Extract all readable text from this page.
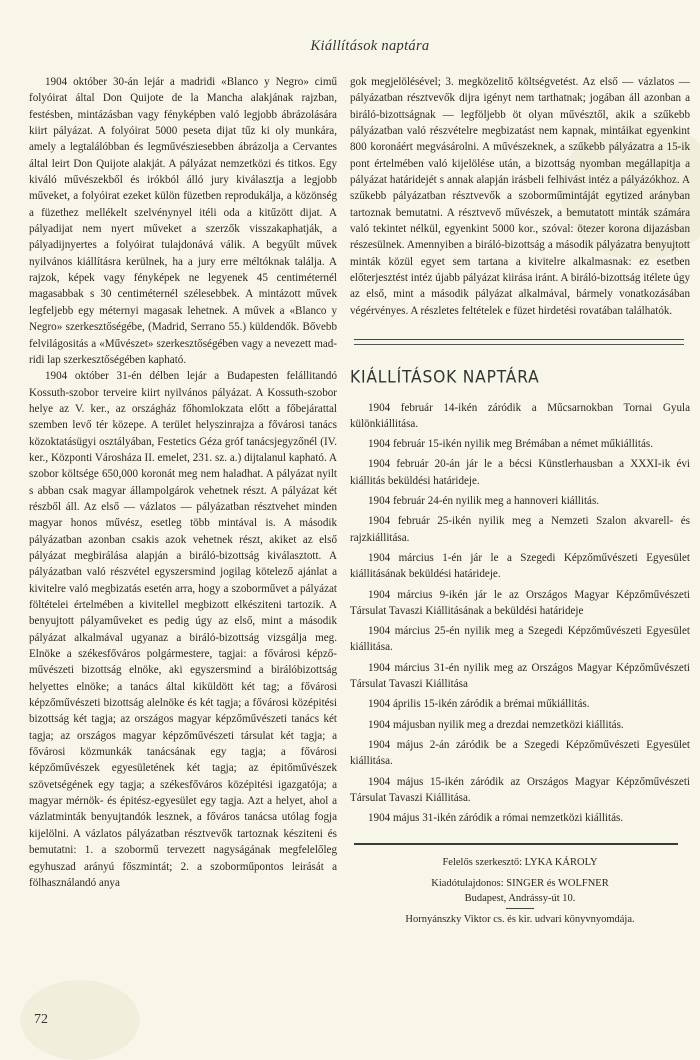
Kiállítások naptára

1904 október 30-án lejár a madridi «Blanco y Negro» cimű folyóirat által Don Quijote de la Mancha alakjának rajzban, festésben, mintázásban vagy fényképben való legjobb ábrázolására kiirt pályázat. A folyóirat 5000 peseta dijat tűz ki oly munkára, amely a legtalálóbban és legművésziesebben ábrázolja a Cervantes által leirt Don Quijote alakját. A pályázat nemzetközi és titkos. Egy kiváló művészekből és irókból álló jury kiválasztja a legjobb műveket, a folyóirat ezeket külön füzetben reprodukálja, a közönség a füzethez mellékelt szelvénynyel itéli oda a kitűzött dijat. A pályadijat nem nyert műveket a szerzők visszakaphatják, a pályadijnyertes a folyóirat tulajdonává válik. A begyűlt művek nyilvános kiállításra kerülnek, ha a jury erre méltóknak találja. A rajzok, képek vagy fényképek ne legyenek 45 centiméternél magasabbak s 30 centiméternél szélesebbek. A mintázott művek legfeljebb egy méternyi magasak lehetnek. A művek a «Blanco y Negro» szerkesztőségébe, (Madrid, Serrano 55.) küldendők. Bővebb felvilágositás a «Művészet» szerkesztőségében vagy a nevezett madridi lap szerkesztőségében kapható.

1904 október 31-én délben lejár a Budapesten felállitandó Kossuth-szobor terveire kiirt nyilvános pályázat. A Kossuth-szobor helye az V. ker., az országház főhomlokzata előtt a főbejárattal szemben levő tér közepe. A terület helyszinrajza a fővárosi tanács közoktatásügyi osztályában, Festetics Géza gróf tanácsjegyzőnél (IV. ker., Központi Városháza II. emelet, 231. sz. a.) dijtalanul kapható. A szobor költsége 650,000 koronát meg nem haladhat. A pályázat nyilt s abban csak magyar állampolgárok vehetnek részt. A pályázat két részből áll. Az első — vázlatos — pályázatban résztvehet minden magyar honos művész, esetleg több mintával is. A második pályázatban azonban csakis azok vehetnek részt, akiket az első pályázat megbirálása alapján a biráló-bizottság kiválasztott. A pályázatban való részvétel egyszersmind jogilag kötelező ajánlat a kivitelre való megbizatás esetén arra, hogy a szoborművet a pályázat föltételei értelmében a kivitellel megbizott elkésziteni tartozik. A benyujtott pályaműveket es pedig úgy az első, mint a második pályázat alkalmával ugyanaz a biráló-bizottság vizsgálja meg. Elnöke a székesfőváros polgármestere, tagjai: a fővárosi képzőművészeti bizottság elnöke, aki egyszersmind a birálóbizottság helyettes elnöke; a tanács által kiküldött két tag; a fővárosi képzőművészeti bizottság alelnöke és két tagja; a fővárosi középitési bizottság két tagja; az országos magyar képzőművészeti tanács két tagja; az országos magyar képzőművészeti társulat két tagja; a fővárosi közmunkák tanácsának egy tagja; a fővárosi képzőművészek egyesületének két tagja; az épitőművészek szövetségének egy tagja; a székesfőváros középitési igazgatója; a magyar mérnök- és épitész-egyesület egy tagja. Azt a helyet, ahol a vázlatminták benyujtandók lesznek, a főváros tanácsa utólag fogja kijelölni. A vázlatos pályázatban résztvevők tartoznak késziteni és bemutatni: 1. a szobormű tervezett nagyságának megfelelőleg egyhuszad arányú főszmintát; 2. a szoborműpontos leirását a fölhasználandó anya

gok megjelölésével; 3. megközelitő költségvetést. Az első — vázlatos — pályázatban résztvevők dijra igényt nem tarthatnak; jogában áll azonban a biráló-bizottságnak — legföljebb öt olyan művésztől, akik a szűkebb pályázatban való részvételre megbizatást nem kapnak, mintáikat egyenkint 800 koronáért megvásárolni. A művészeknek, a szűkebb pályázatra a 15-ik pont értelmében való kijelölése után, a bizottság nyomban megállapitja a pályázat határidejét s annak alapján irásbeli felhivást intéz a pályázókhoz. A szűkebb pályázatban résztvevők a szoborműmintáját egytized arányban tartoznak bemutatni. A résztvevő művészek, a bemutatott minták számára való tekintet nélkül, egyenkint 5000 kor., szóval: ötezer korona dijazásban részesülnek. Amennyiben a biráló-bizottság a második pályázatra benyujtott minták közül egyet sem tartana a kivitelre alkalmasnak: ez esetben előterjesztést intéz újabb pályázat kiirása iránt. A biráló-bizottság itélete úgy az első, mint a második pályázat alkalmával, bármely vonatkozásában végérvényes. A részletes feltételek e füzet hirdetési rovatában találhatók.

KIÁLLÍTÁSOK NAPTÁRA

1904 február 14-ikén záródik a Műcsarnokban Tornai Gyula különkiállitása.

1904 február 15-ikén nyilik meg Brémában a német műkiállitás.

1904 február 20-án jár le a bécsi Künstlerhausban a XXXI-ik évi kiállitás beküldési határideje.

1904 február 24-én nyilik meg a hannoveri kiállitás.

1904 február 25-ikén nyilik meg a Nemzeti Szalon akvarell- és rajzkiállitása.

1904 március 1-én jár le a Szegedi Képzőművészeti Egyesület kiállitásának beküldési határideje.

1904 március 9-ikén jár le az Országos Magyar Képzőművészeti Társulat Tavaszi Kiállitásának a beküldési határideje

1904 március 25-én nyilik meg a Szegedi Képzőművészeti Egyesület kiállitása.

1904 március 31-én nyilik meg az Országos Magyar Képzőművészeti Társulat Tavaszi Kiállitása

1904 április 15-ikén záródik a brémai műkiállitás.

1904 májusban nyilik meg a drezdai nemzetközi kiállitás.

1904 május 2-án záródik be a Szegedi Képzőművészeti Egyesület kiállitása.

1904 május 15-ikén záródik az Országos Magyar Képzőművészeti Társulat Tavaszi Kiállitása.

1904 május 31-ikén záródik a római nemzetközi kiállitás.

Felelős szerkesztő: LYKA KÁROLY
Kiadótulajdonos: SINGER és WOLFNER
Budapest, Andrássy-út 10.
Hornyánszky Viktor cs. és kir. udvari könyvnyomdája.
72
